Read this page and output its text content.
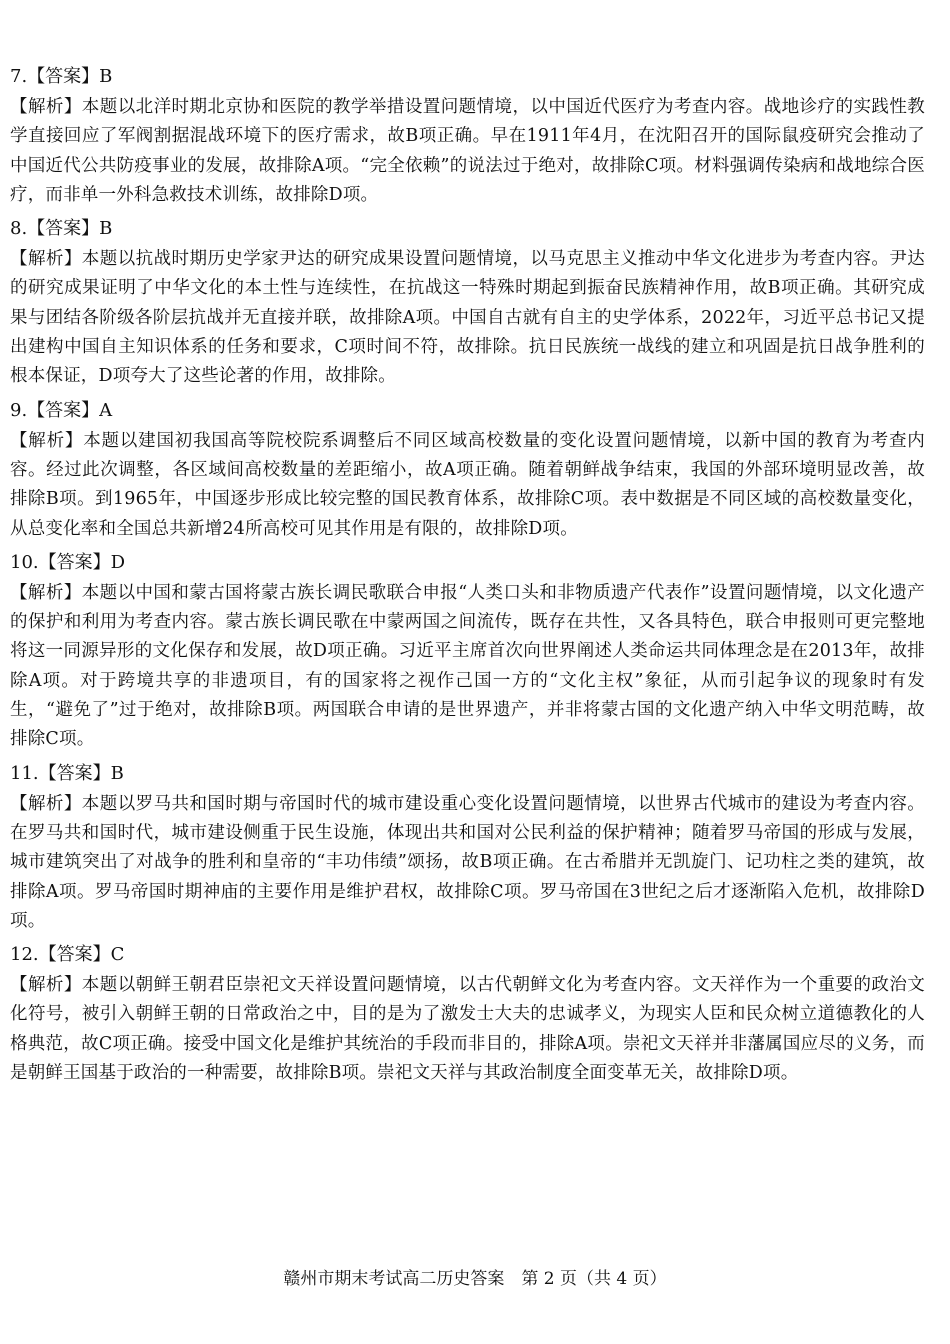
7.【答案】B
【解析】本题以北洋时期北京协和医院的教学举措设置问题情境，以中国近代医疗为考查内容。战地诊疗的实践性教学直接回应了军阀割据混战环境下的医疗需求，故B项正确。早在1911年4月，在沈阳召开的国际鼠疫研究会推动了中国近代公共防疫事业的发展，故排除A项。“完全依赖”的说法过于绝对，故排除C项。材料强调传染病和战地综合医疗，而非单一外科急救技术训练，故排除D项。
8.【答案】B
【解析】本题以抗战时期历史学家尹达的研究成果设置问题情境，以马克思主义推动中华文化进步为考查内容。尹达的研究成果证明了中华文化的本土性与连续性，在抗战这一特殊时期起到振奋民族精神作用，故B项正确。其研究成果与团结各阶级各阶层抗战并无直接并联，故排除A项。中国自古就有自主的史学体系，2022年，习近平总书记又提出建构中国自主知识体系的任务和要求，C项时间不符，故排除。抗日民族统一战线的建立和巩固是抗日战争胜利的根本保证，D项夸大了这些论著的作用，故排除。
9.【答案】A
【解析】本题以建国初我国高等院校院系调整后不同区域高校数量的变化设置问题情境，以新中国的教育为考查内容。经过此次调整，各区域间高校数量的差距缩小，故A项正确。随着朝鲜战争结束，我国的外部环境明显改善，故排除B项。到1965年，中国逐步形成比较完整的国民教育体系，故排除C项。表中数据是不同区域的高校数量变化，从总变化率和全国总共新增24所高校可见其作用是有限的，故排除D项。
10.【答案】D
【解析】本题以中国和蒙古国将蒙古族长调民歌联合申报“人类口头和非物质遗产代表作”设置问题情境，以文化遗产的保护和利用为考查内容。蒙古族长调民歌在中蒙两国之间流传，既存在共性，又各具特色，联合申报则可更完整地将这一同源异形的文化保存和发展，故D项正确。习近平主席首次向世界阐述人类命运共同体理念是在2013年，故排除A项。对于跨境共享的非遗项目，有的国家将之视作己国一方的“文化主权”象征，从而引起争议的现象时有发生，“避免了”过于绝对，故排除B项。两国联合申请的是世界遗产，并非将蒙古国的文化遗产纳入中华文明范畴，故排除C项。
11.【答案】B
【解析】本题以罗马共和国时期与帝国时代的城市建设重心变化设置问题情境，以世界古代城市的建设为考查内容。在罗马共和国时代，城市建设侧重于民生设施，体现出共和国对公民利益的保护精神；随着罗马帝国的形成与发展，城市建筑突出了对战争的胜利和皇帝的“丰功伟绩”颂扬，故B项正确。在古希腊并无凯旋门、记功柱之类的建筑，故排除A项。罗马帝国时期神庙的主要作用是维护君权，故排除C项。罗马帝国在3世纪之后才逐渐陷入危机，故排除D项。
12.【答案】C
【解析】本题以朝鲜王朝君臣崇祀文天祥设置问题情境，以古代朝鲜文化为考查内容。文天祥作为一个重要的政治文化符号，被引入朝鲜王朝的日常政治之中，目的是为了激发士大夫的忠诚孝义，为现实人臣和民众树立道德教化的人格典范，故C项正确。接受中国文化是维护其统治的手段而非目的，排除A项。崇祀文天祥并非藩属国应尽的义务，而是朝鲜王国基于政治的一种需要，故排除B项。崇祀文天祥与其政治制度全面变革无关，故排除D项。
赣州市期末考试高二历史答案　第 2 页（共 4 页）
